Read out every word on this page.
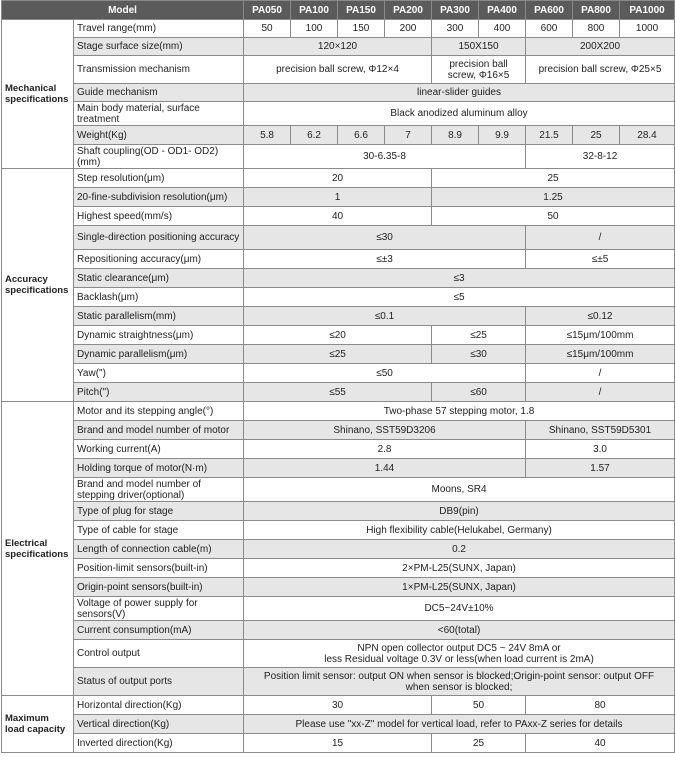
Model		PA050	PA100	PA150	PA200	PA300	PA400	PA600	PA800	PA1000
Mechanical specifications	Travel range(mm)	50	100	150	200	300	400	600	800	1000
	Stage surface size(mm)	120×120				150X150		200X200		
	Transmission mechanism	precision ball screw, Φ12×4				precision ball screw, Φ16×5		precision ball screw, Φ25×5		
	Guide mechanism	linear-slider guides								
	Main body material, surface treatment	Black anodized aluminum alloy								
	Weight(Kg)	5.8	6.2	6.6	7	8.9	9.9	21.5	25	28.4
	Shaft coupling(OD - OD1- OD2)(mm)	30-6.35-8						32-8-12		
Accuracy specifications	Step resolution(μm)	20				25				
	20-fine-subdivision resolution(μm)	1				1.25				
	Highest speed(mm/s)	40				50				
	Single-direction positioning accuracy	≤30						/		
	Repositioning accuracy(μm)	≤±3						≤±5		
	Static clearance(μm)	≤3								
	Backlash(μm)	≤5								
	Static parallelism(mm)	≤0.1						≤0.12		
	Dynamic straightness(μm)	≤20				≤25		≤15μm/100mm		
	Dynamic parallelism(μm)	≤25				≤30		≤15μm/100mm		
	Yaw(")	≤50						/		
	Pitch(")	≤55				≤60		/		
Electrical specifications	Motor and its stepping angle(°)	Two-phase 57 stepping motor, 1.8								
	Brand and model number of motor	Shinano, SST59D3206						Shinano, SST59D5301		
	Working current(A)	2.8						3.0		
	Holding torque of motor(N·m)	1.44						1.57		
	Brand and model number of stepping driver(optional)	Moons, SR4								
	Type of plug for stage	DB9(pin)								
	Type of cable for stage	High flexibility cable(Helukabel, Germany)								
	Length of connection cable(m)	0.2								
	Position-limit sensors(built-in)	2×PM-L25(SUNX, Japan)								
	Origin-point sensors(built-in)	1×PM-L25(SUNX, Japan)								
	Voltage of power supply for sensors(V)	DC5~24V±10%								
	Current consumption(mA)	<60(total)								
	Control output	NPN open collector output DC5 ~ 24V 8mA or
less Residual voltage 0.3V or less(when load current is 2mA)								

	Status of output ports	Position limit sensor: output ON when sensor is blocked;Origin-point sensor: output OFF
when sensor is blocked;								

Maximum load capacity	Horizontal direction(Kg)	30				50		80		
	Vertical direction(Kg)	Please use "xx-Z" model for vertical load, refer to PAxx-Z series for details								
	Inverted direction(Kg)	15				25		40		
